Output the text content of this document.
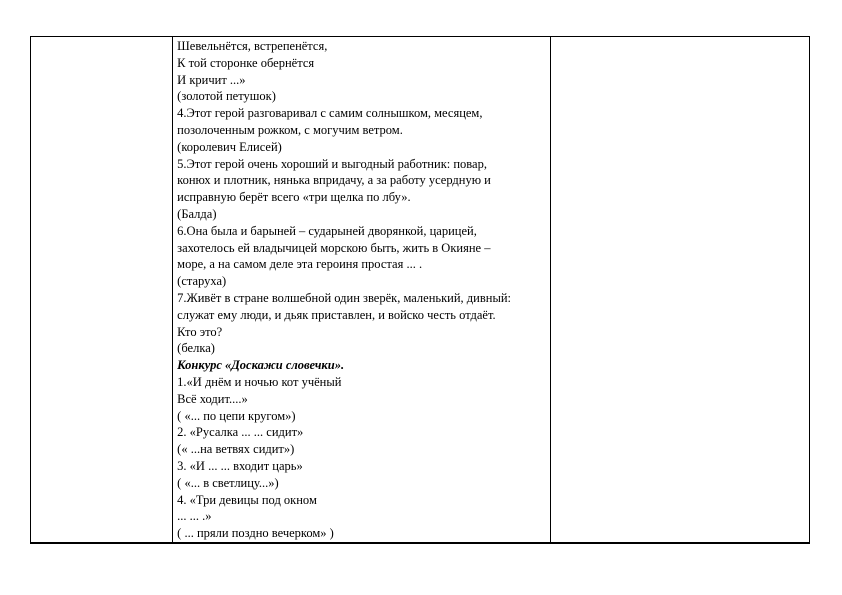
Шевельнётся, встрепенётся,
К той сторонке обернётся
И кричит ...»
(золотой петушок)
4.Этот герой разговаривал с самим солнышком, месяцем,
позолоченным рожком, с могучим ветром.
(королевич Елисей)
5.Этот герой очень хороший и выгодный работник: повар,
конюх и плотник, нянька впридачу, а за работу усердную и
исправную берёт всего «три щелка по лбу».
(Балда)
6.Она была и барыней – сударыней дворянкой, царицей,
захотелось ей владычицей морскою быть, жить в Окияне –
море, а на самом деле эта героиня простая ... .
(старуха)
7.Живёт в стране волшебной один зверёк, маленький, дивный:
служат ему люди, и дьяк приставлен, и войско честь отдаёт.
Кто это?
(белка)
Конкурс «Доскажи словечки».
1.«И днём и ночью кот учёный
Всё ходит....»
( «... по цепи кругом»)
2. «Русалка ... ... сидит»
(« ...на ветвях сидит»)
3. «И ... ... входит царь»
( «... в светлицу...»)
4. «Три девицы под окном
... ... .»
( ... пряли поздно вечерком» )
